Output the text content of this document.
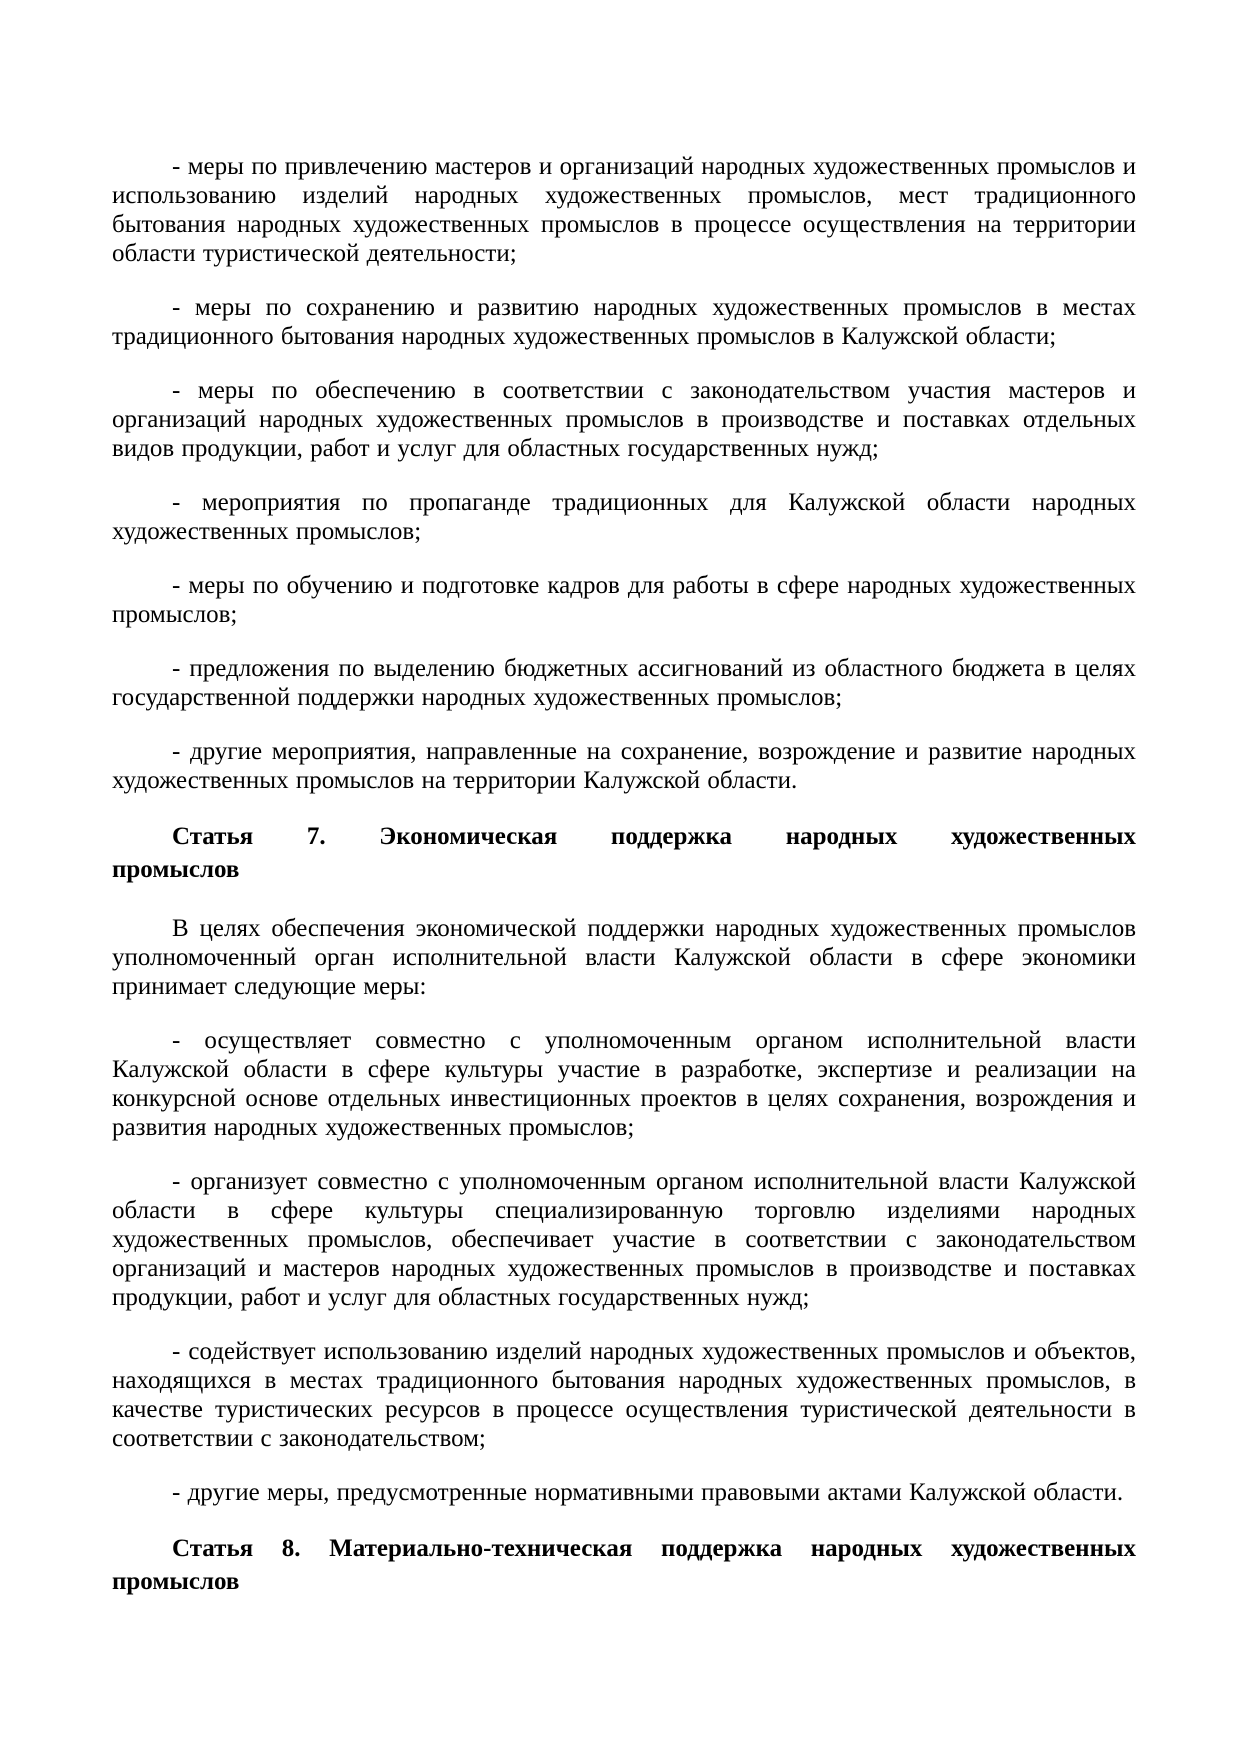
- меры по привлечению мастеров и организаций народных художественных промыслов и использованию изделий народных художественных промыслов, мест традиционного бытования народных художественных промыслов в процессе осуществления на территории области туристической деятельности;

- меры по сохранению и развитию народных художественных промыслов в местах традиционного бытования народных художественных промыслов в Калужской области;

- меры по обеспечению в соответствии с законодательством участия мастеров и организаций народных художественных промыслов в производстве и поставках отдельных видов продукции, работ и услуг для областных государственных нужд;

- мероприятия по пропаганде традиционных для Калужской области народных художественных промыслов;

- меры по обучению и подготовке кадров для работы в сфере народных художественных промыслов;

- предложения по выделению бюджетных ассигнований из областного бюджета в целях государственной поддержки народных художественных промыслов;

- другие мероприятия, направленные на сохранение, возрождение и развитие народных художественных промыслов на территории Калужской области.

Статья 7. Экономическая поддержка народных художественных
промыслов

В целях обеспечения экономической поддержки народных художественных промыслов уполномоченный орган исполнительной власти Калужской области в сфере экономики принимает следующие меры:

- осуществляет совместно с уполномоченным органом исполнительной власти Калужской области в сфере культуры участие в разработке, экспертизе и реализации на конкурсной основе отдельных инвестиционных проектов в целях сохранения, возрождения и развития народных художественных промыслов;

- организует совместно с уполномоченным органом исполнительной власти Калужской области в сфере культуры специализированную торговлю изделиями народных художественных промыслов, обеспечивает участие в соответствии с законодательством организаций и мастеров народных художественных промыслов в производстве и поставках продукции, работ и услуг для областных государственных нужд;

- содействует использованию изделий народных художественных промыслов и объектов, находящихся в местах традиционного бытования народных художественных промыслов, в качестве туристических ресурсов в процессе осуществления туристической деятельности в соответствии с законодательством;

- другие меры, предусмотренные нормативными правовыми актами Калужской области.

Статья 8. Материально-техническая поддержка народных художественных
промыслов
